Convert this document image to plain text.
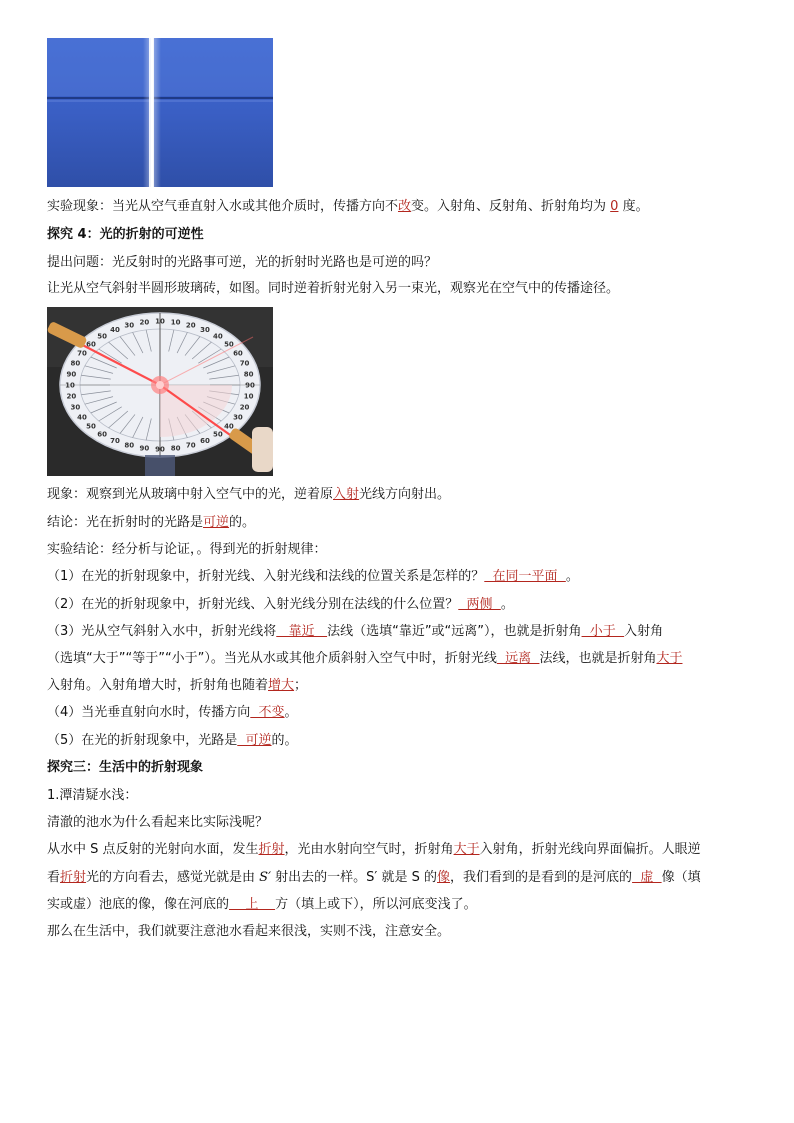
实验现象：当光从空气垂直射入水或其他介质时，传播方向不改变。入射角、反射角、折射角均为 0 度。
探究 4：光的折射的可逆性
提出问题：光反射时的光路事可逆，光的折射时光路也是可逆的吗？
让光从空气斜射半圆形玻璃砖，如图。同时逆着折射光射入另一束光，观察光在空气中的传播途径。
10 20
30
40
50
60
70
80
90
10
20
30
40
50
60
70
80
90
90
80
70
60
50
40
30
20
10
90
80
70
60
50
40
30 20 10
现象：观察到光从玻璃中射入空气中的光，逆着原入射光线方向射出。
结论：光在折射时的光路是可逆的。
实验结论：经分析与论证，。得到光的折射规律：
（1）在光的折射现象中，折射光线、入射光线和法线的位置关系是怎样的？  在同一平面  。
（2）在光的折射现象中，折射光线、入射光线分别在法线的什么位置？  两侧  。
（3）光从空气斜射入水中，折射光线将   靠近   法线（选填“靠近”或“远离”），也就是折射角  小于  入射角
（选填“大于”“等于”“小于”）。当光从水或其他介质斜射入空气中时，折射光线  远离  法线，也就是折射角大于
入射角。入射角增大时，折射角也随着增大；
（4）当光垂直射向水时，传播方向  不变。
（5）在光的折射现象中，光路是  可逆的。
探究三：生活中的折射现象
1.潭清疑水浅：
清澈的池水为什么看起来比实际浅呢？
从水中 S 点反射的光射向水面，发生折射，光由水射向空气时，折射角大于入射角，折射光线向界面偏折。人眼逆
看折射光的方向看去，感觉光就是由 S′ 射出去的一样。S′ 就是 S 的像，我们看到的是看到的是河底的  虚  像（填
实或虚）池底的像，像在河底的    上    方（填上或下），所以河底变浅了。
那么在生活中，我们就要注意池水看起来很浅，实则不浅，注意安全。
